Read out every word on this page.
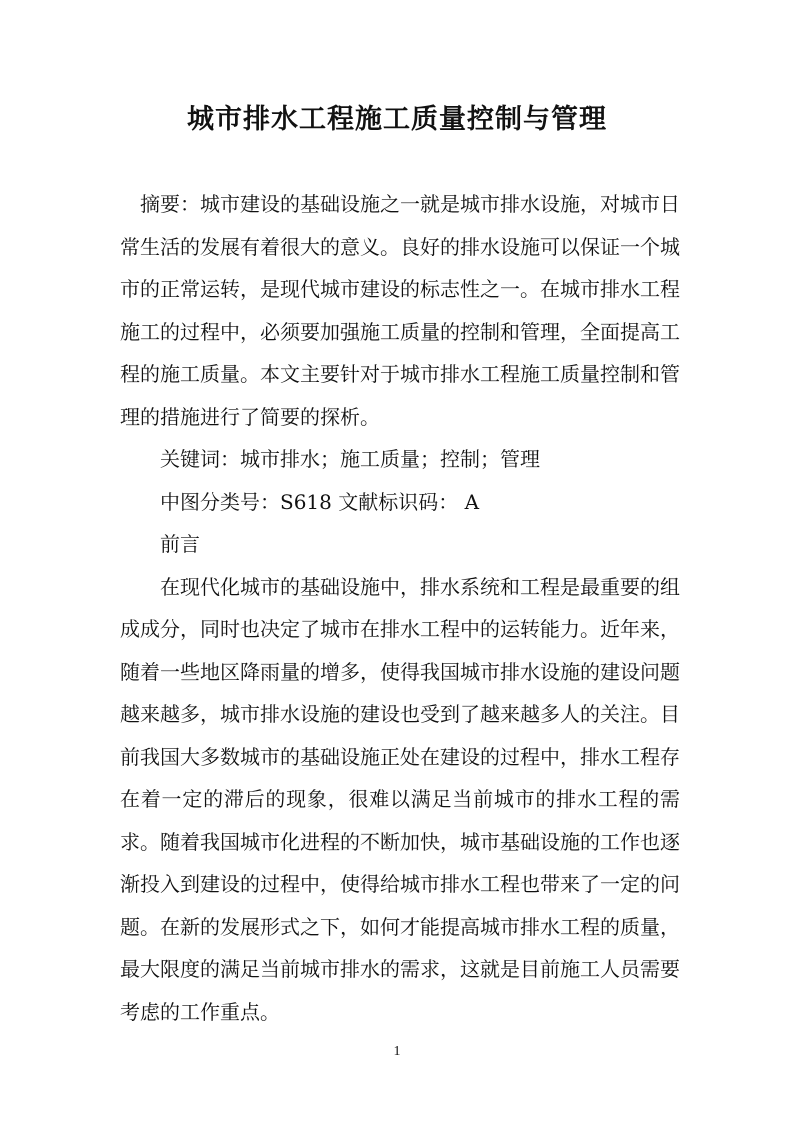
城市排水工程施工质量控制与管理

摘要：城市建设的基础设施之一就是城市排水设施，对城市日常生活的发展有着很大的意义。良好的排水设施可以保证一个城市的正常运转，是现代城市建设的标志性之一。在城市排水工程施工的过程中，必须要加强施工质量的控制和管理，全面提高工程的施工质量。本文主要针对于城市排水工程施工质量控制和管理的措施进行了简要的探析。

关键词：城市排水；施工质量；控制；管理

中图分类号：S618 文献标识码： A

前言

在现代化城市的基础设施中，排水系统和工程是最重要的组成成分，同时也决定了城市在排水工程中的运转能力。近年来，随着一些地区降雨量的增多，使得我国城市排水设施的建设问题越来越多，城市排水设施的建设也受到了越来越多人的关注。目前我国大多数城市的基础设施正处在建设的过程中，排水工程存在着一定的滞后的现象，很难以满足当前城市的排水工程的需求。随着我国城市化进程的不断加快，城市基础设施的工作也逐渐投入到建设的过程中，使得给城市排水工程也带来了一定的问题。在新的发展形式之下，如何才能提高城市排水工程的质量，最大限度的满足当前城市排水的需求，这就是目前施工人员需要考虑的工作重点。

1
